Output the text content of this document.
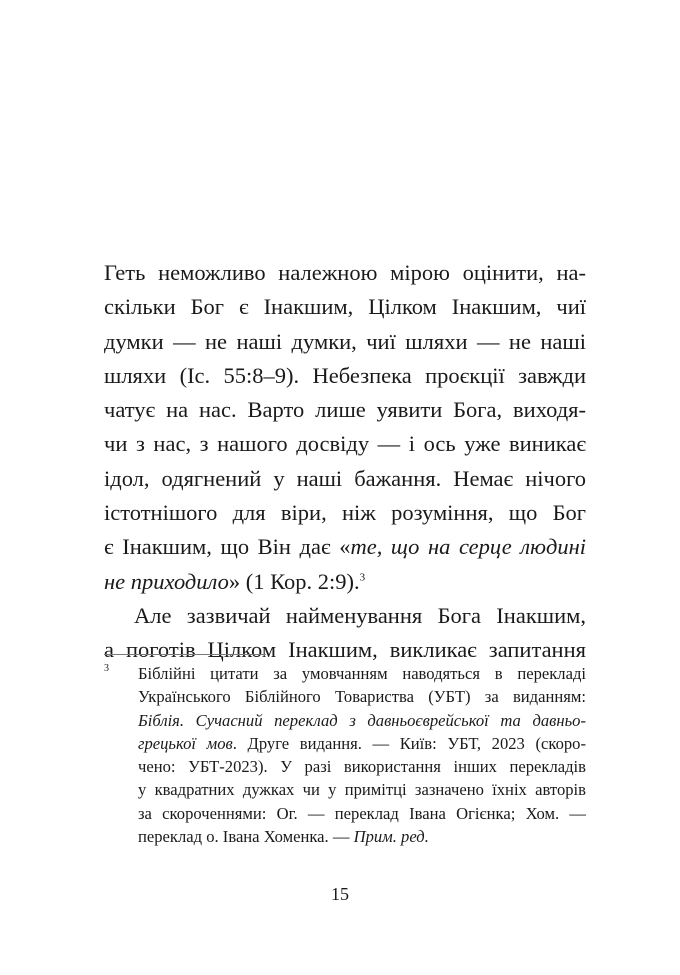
Геть неможливо належною мірою оцінити, на-
скільки Бог є Інакшим, Цілком Інакшим, чиї
думки — не наші думки, чиї шляхи — не наші
шляхи (Іс. 55:8–9). Небезпека проєкції завжди
чатує на нас. Варто лише уявити Бога, виходя-
чи з нас, з нашого досвіду — і ось уже виникає
ідол, одягнений у наші бажання. Немає нічого
істотнішого для віри, ніж розуміння, що Бог
є Інакшим, що Він дає «те, що на серце людині
не приходило» (1 Кор. 2:9).$^3$
Але зазвичай найменування Бога Інакшим,
а поготів Цілком Інакшим, викликає запитання
3 Біблійні цитати за умовчанням наводяться в перекладі
Українського Біблійного Товариства (УБТ) за виданням:
Біблія. Сучасний переклад з давньоєврейської та давньо-
грецької мов. Друге видання. — Київ: УБТ, 2023 (скоро-
чено: УБТ-2023). У разі використання інших перекладів
у квадратних дужках чи у примітці зазначено їхніх авторів
за скороченнями: Ог. — переклад Івана Огієнка; Хом. —
переклад о. Івана Хоменка. — Прим. ред.
15
